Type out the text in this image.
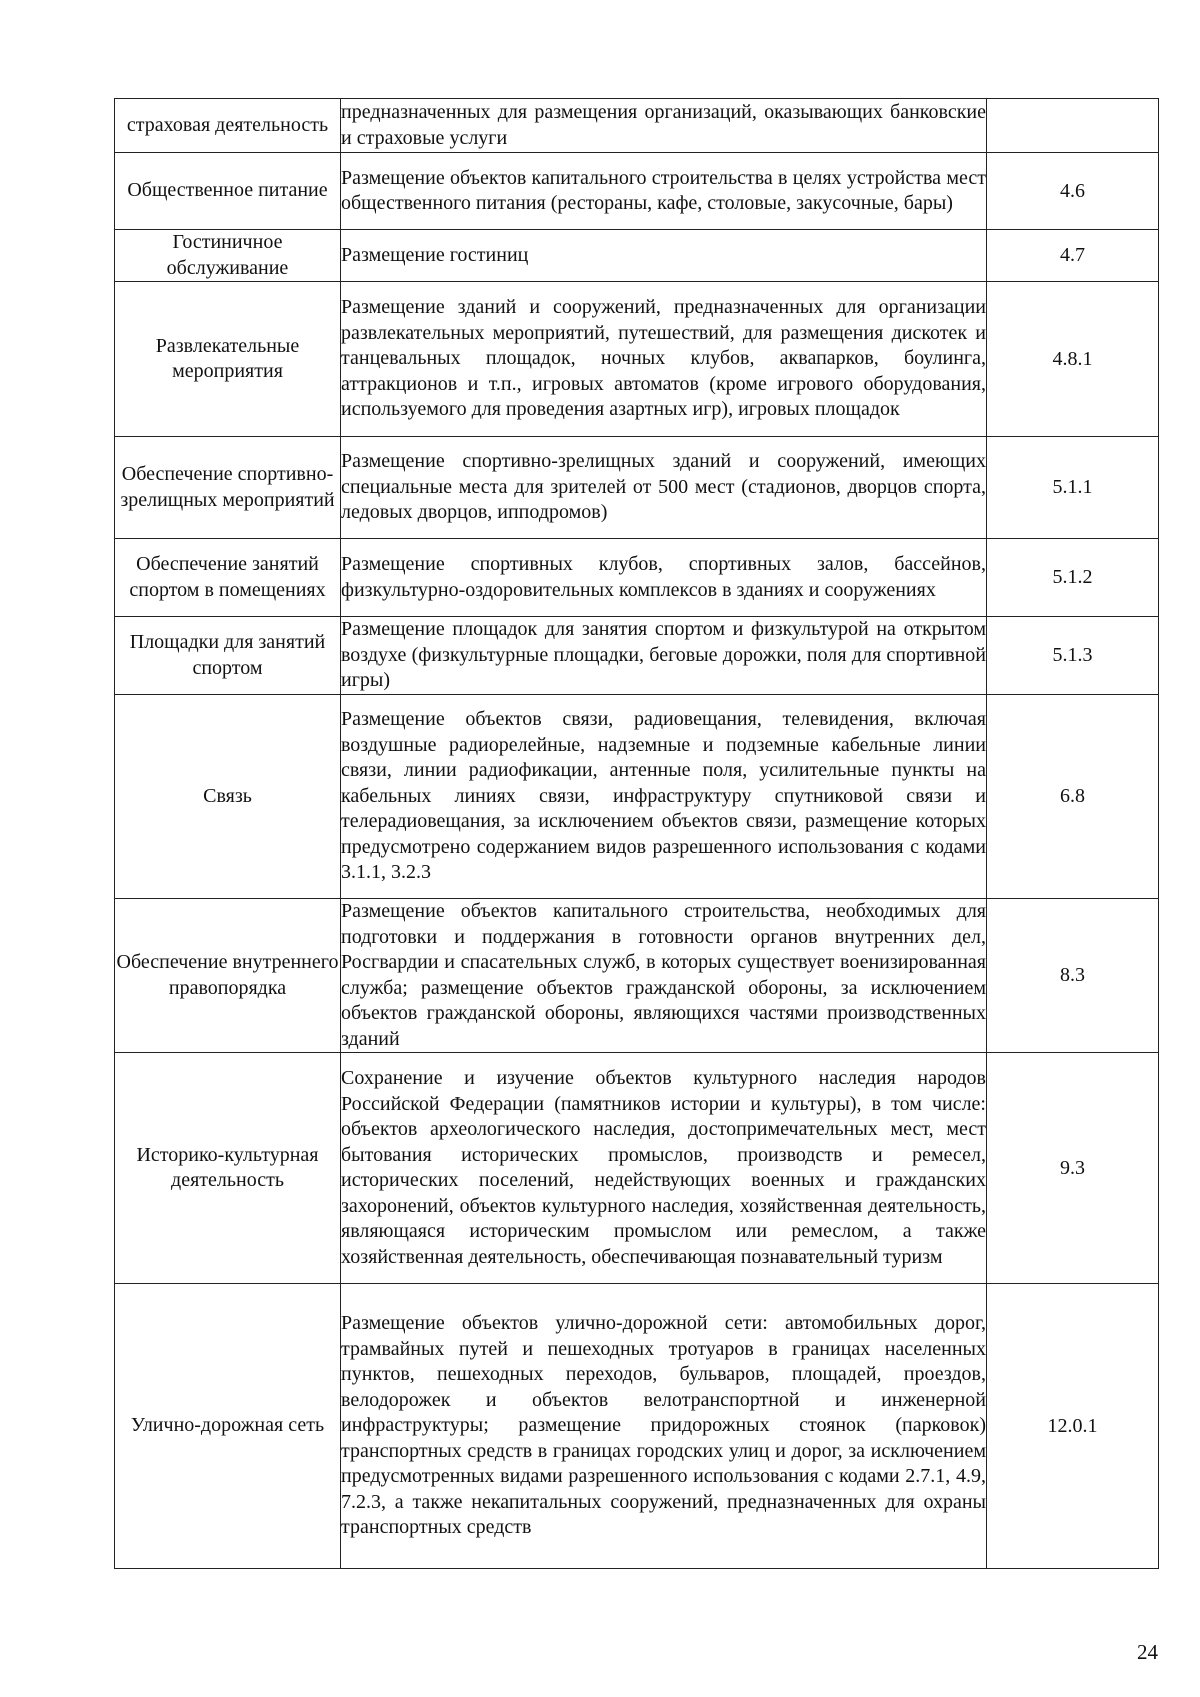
страховая деятельность	предназначенных для размещения организаций, оказывающих банковские и страховые услуги	
Общественное питание	Размещение объектов капитального строительства в целях устройства мест общественного питания (рестораны, кафе, столовые, закусочные, бары)	4.6
Гостиничное обслуживание	Размещение гостиниц	4.7
Развлекательные мероприятия	Размещение зданий и сооружений, предназначенных для организации развлекательных мероприятий, путешествий, для размещения дискотек и танцевальных площадок, ночных клубов, аквапарков, боулинга, аттракционов и т.п., игровых автоматов (кроме игрового оборудования, используемого для проведения азартных игр), игровых площадок	4.8.1
Обеспечение спортивно-зрелищных мероприятий	Размещение спортивно-зрелищных зданий и сооружений, имеющих специальные места для зрителей от 500 мест (стадионов, дворцов спорта, ледовых дворцов, ипподромов)	5.1.1
Обеспечение занятий спортом в помещениях	Размещение спортивных клубов, спортивных залов, бассейнов, физкультурно-оздоровительных комплексов в зданиях и сооружениях	5.1.2
Площадки для занятий спортом	Размещение площадок для занятия спортом и физкультурой на открытом воздухе (физкультурные площадки, беговые дорожки, поля для спортивной игры)	5.1.3
Связь	Размещение объектов связи, радиовещания, телевидения, включая воздушные радиорелейные, надземные и подземные кабельные линии связи, линии радиофикации, антенные поля, усилительные пункты на кабельных линиях связи, инфраструктуру спутниковой связи и телерадиовещания, за исключением объектов связи, размещение которых предусмотрено содержанием видов разрешенного использования с кодами 3.1.1, 3.2.3	6.8
Обеспечение внутреннего правопорядка	Размещение объектов капитального строительства, необходимых для подготовки и поддержания в готовности органов внутренних дел, Росгвардии и спасательных служб, в которых существует военизированная служба; размещение объектов гражданской обороны, за исключением объектов гражданской обороны, являющихся частями производственных зданий	8.3
Историко-культурная деятельность	Сохранение и изучение объектов культурного наследия народов Российской Федерации (памятников истории и культуры), в том числе: объектов археологического наследия, достопримечательных мест, мест бытования исторических промыслов, производств и ремесел, исторических поселений, недействующих военных и гражданских захоронений, объектов культурного наследия, хозяйственная деятельность, являющаяся историческим промыслом или ремеслом, а также хозяйственная деятельность, обеспечивающая познавательный туризм	9.3
Улично-дорожная сеть	Размещение объектов улично-дорожной сети: автомобильных дорог, трамвайных путей и пешеходных тротуаров в границах населенных пунктов, пешеходных переходов, бульваров, площадей, проездов, велодорожек и объектов велотранспортной и инженерной инфраструктуры; размещение придорожных стоянок (парковок) транспортных средств в границах городских улиц и дорог, за исключением предусмотренных видами разрешенного использования с кодами 2.7.1, 4.9, 7.2.3, а также некапитальных сооружений, предназначенных для охраны транспортных средств	12.0.1
24
